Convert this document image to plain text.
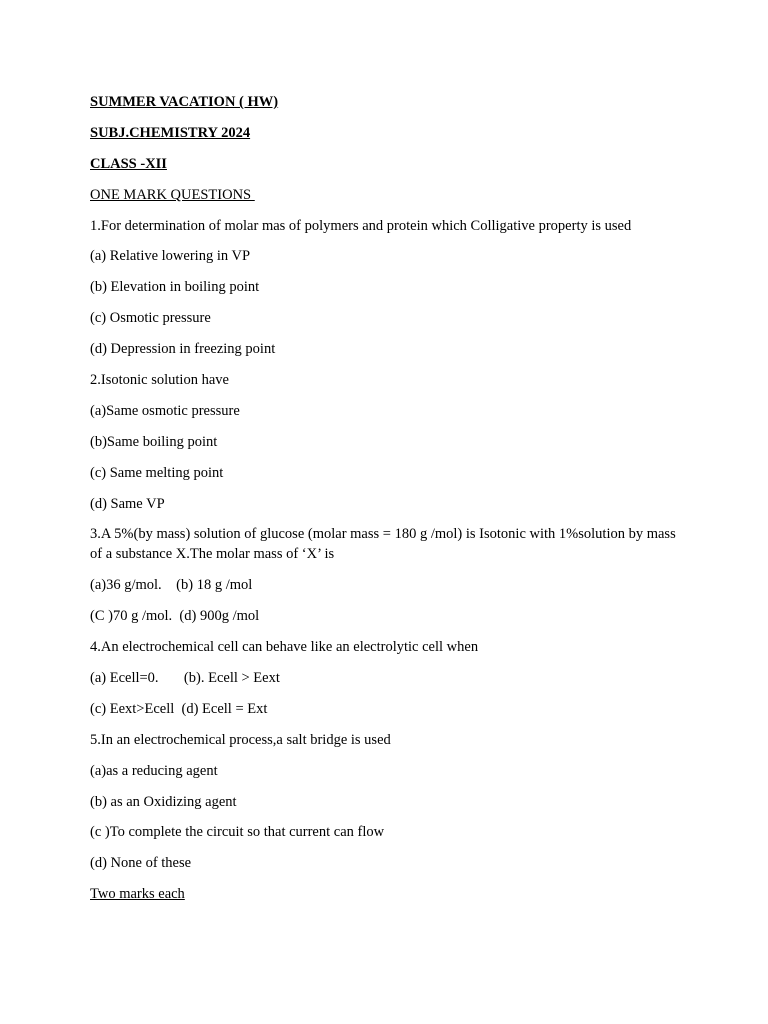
SUMMER VACATION ( HW)

SUBJ.CHEMISTRY 2024

CLASS -XII

ONE MARK QUESTIONS

1.For determination of molar mas of polymers and protein which Colligative property is used

(a) Relative lowering in VP

(b) Elevation in boiling point

(c) Osmotic pressure

(d) Depression in freezing point

2.Isotonic solution have

(a)Same osmotic pressure

(b)Same boiling point

(c) Same melting point

(d) Same VP

3.A 5%(by mass) solution of glucose (molar mass = 180 g /mol) is Isotonic with 1%solution by mass of a substance X.The molar mass of ‘X’ is

(a)36 g/mol.    (b) 18 g /mol

(C )70 g /mol.  (d) 900g /mol

4.An electrochemical cell can behave like an electrolytic cell when

(a) Ecell=0.       (b). Ecell > Eext

(c) Eext>Ecell  (d) Ecell = Ext

5.In an electrochemical process,a salt bridge is used

(a)as a reducing agent

(b) as an Oxidizing agent

(c )To complete the circuit so that current can flow

(d) None of these

Two marks each
